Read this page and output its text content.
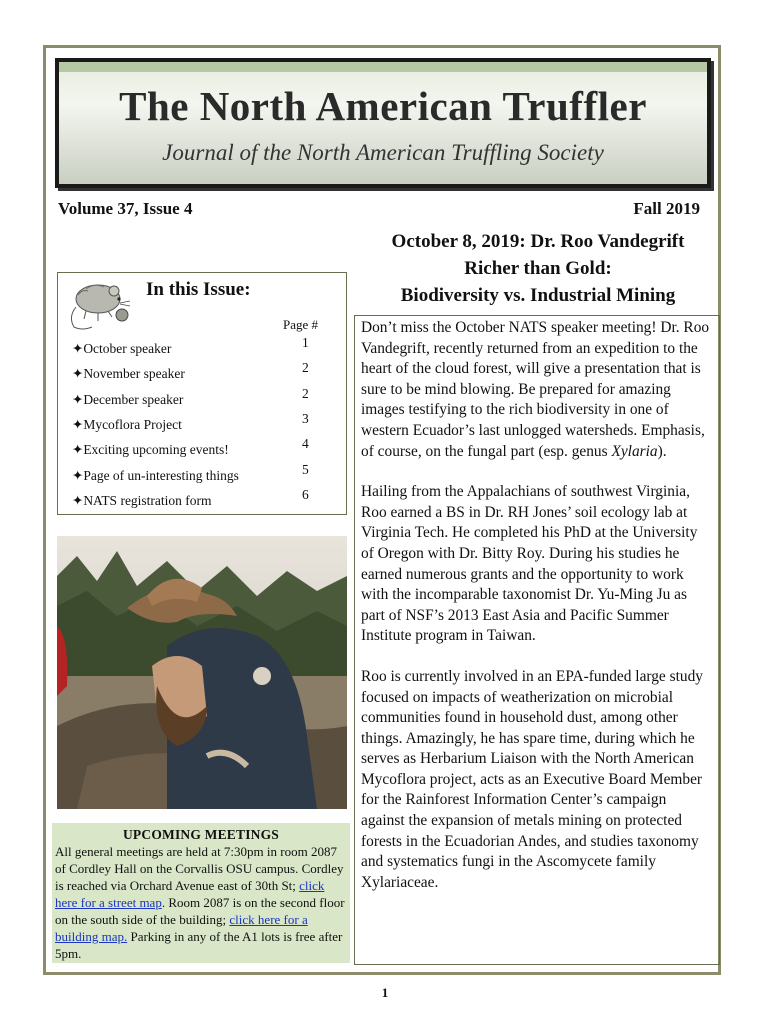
The North American Truffler
Journal of the North American Truffling Society
Volume 37, Issue 4	Fall 2019
In this Issue:
Page #
✦October speaker	1
✦November speaker	2
✦December speaker	2
✦Mycoflora Project	3
✦Exciting upcoming events!	4
✦Page of un-interesting things	5
✦NATS registration form	6
UPCOMING MEETINGS
All general meetings are held at 7:30pm in room 2087 of Cordley Hall on the Corvallis OSU campus. Cordley is reached via Orchard Avenue east of 30th St; click here for a street map. Room 2087 is on the second floor on the south side of the building; click here for a building map. Parking in any of the A1 lots is free after 5pm.
October 8, 2019: Dr. Roo Vandegrift
Richer than Gold:
Biodiversity vs. Industrial Mining

Don’t miss the October NATS speaker meeting! Dr. Roo Vandegrift, recently returned from an expedition to the heart of the cloud forest, will give a presentation that is sure to be mind blowing. Be prepared for amazing images testifying to the rich biodiversity in one of western Ecuador’s last unlogged watersheds. Emphasis, of course, on the fungal part (esp. genus Xylaria).

Hailing from the Appalachians of southwest Virginia, Roo earned a BS in Dr. RH Jones’ soil ecology lab at Virginia Tech. He completed his PhD at the University of Oregon with Dr. Bitty Roy. During his studies he earned numerous grants and the opportunity to work with the incomparable taxonomist Dr. Yu-Ming Ju as part of NSF’s 2013 East Asia and Pacific Summer Institute program in Taiwan.

Roo is currently involved in an EPA-funded large study focused on impacts of weatherization on microbial communities found in household dust, among other things. Amazingly, he has spare time, during which he serves as Herbarium Liaison with the North American Mycoflora project, acts as an Executive Board Member for the Rainforest Information Center’s campaign against the expansion of metals mining on protected forests in the Ecuadorian Andes, and studies taxonomy and systematics fungi in the Ascomycete family Xylariaceae.

1
